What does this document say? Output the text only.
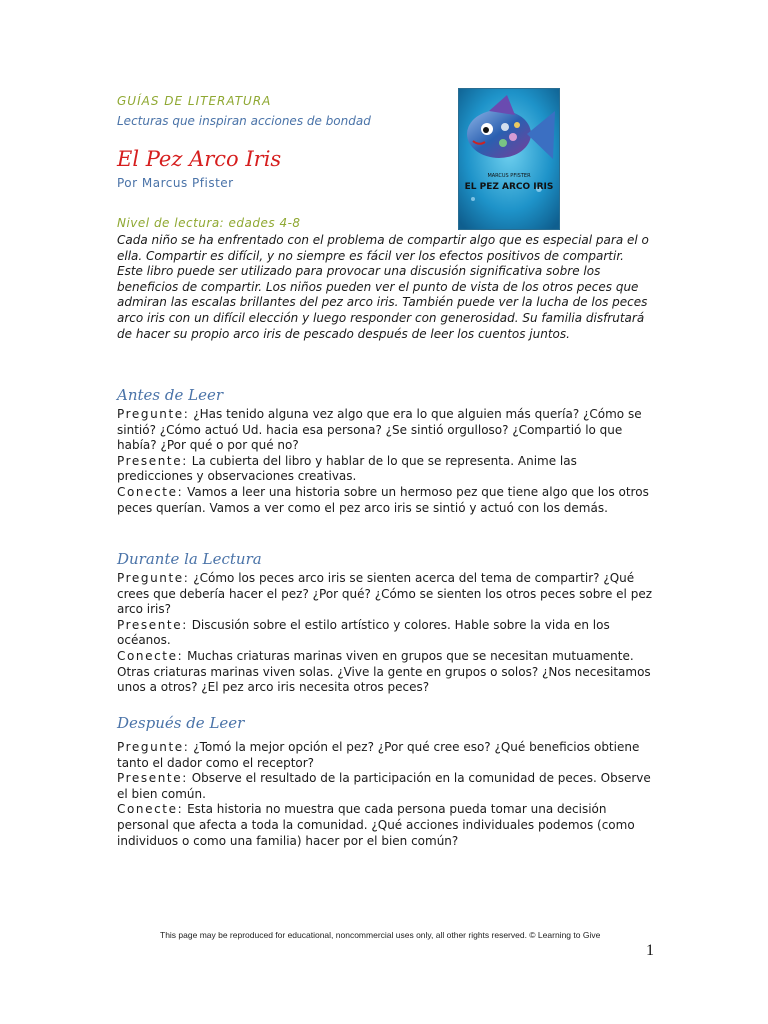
GUÍAS DE LITERATURA
Lecturas que inspiran acciones de bondad
El Pez Arco Iris
Por Marcus Pfister	MARCUS PFISTER
EL PEZ ARCO IRIS
Nivel de lectura: edades 4-8
Cada niño se ha enfrentado con el problema de compartir algo que es especial para el o ella. Compartir es difícil, y no siempre es fácil ver los efectos positivos de compartir. Este libro puede ser utilizado para provocar una discusión significativa sobre los beneficios de compartir. Los niños pueden ver el punto de vista de los otros peces que admiran las escalas brillantes del pez arco iris. También puede ver la lucha de los peces arco iris con un difícil elección y luego responder con generosidad. Su familia disfrutará de hacer su propio arco iris de pescado después de leer los cuentos juntos.
Antes de Leer
Pregunte: ¿Has tenido alguna vez algo que era lo que alguien más quería? ¿Cómo se sintió? ¿Cómo actuó Ud. hacia esa persona? ¿Se sintió orgulloso? ¿Compartió lo que había? ¿Por qué o por qué no?
Presente: La cubierta del libro y hablar de lo que se representa. Anime las predicciones y observaciones creativas.
Conecte: Vamos a leer una historia sobre un hermoso pez que tiene algo que los otros peces querían. Vamos a ver como el pez arco iris se sintió y actuó con los demás.
Durante la Lectura
Pregunte: ¿Cómo los peces arco iris se sienten acerca del tema de compartir? ¿Qué crees que debería hacer el pez? ¿Por qué? ¿Cómo se sienten los otros peces sobre el pez arco iris?
Presente: Discusión sobre el estilo artístico y colores. Hable sobre la vida en los océanos.
Conecte: Muchas criaturas marinas viven en grupos que se necesitan mutuamente. Otras criaturas marinas viven solas. ¿Vive la gente en grupos o solos? ¿Nos necesitamos unos a otros? ¿El pez arco iris necesita otros peces?
Después de Leer
Pregunte: ¿Tomó la mejor opción el pez? ¿Por qué cree eso? ¿Qué beneficios obtiene tanto el dador como el receptor?
Presente: Observe el resultado de la participación en la comunidad de peces. Observe el bien común.
Conecte: Esta historia no muestra que cada persona pueda tomar una decisión personal que afecta a toda la comunidad. ¿Qué acciones individuales podemos (como individuos o como una familia) hacer por el bien común?
This page may be reproduced for educational, noncommercial uses only, all other rights reserved. © Learning to Give
1
